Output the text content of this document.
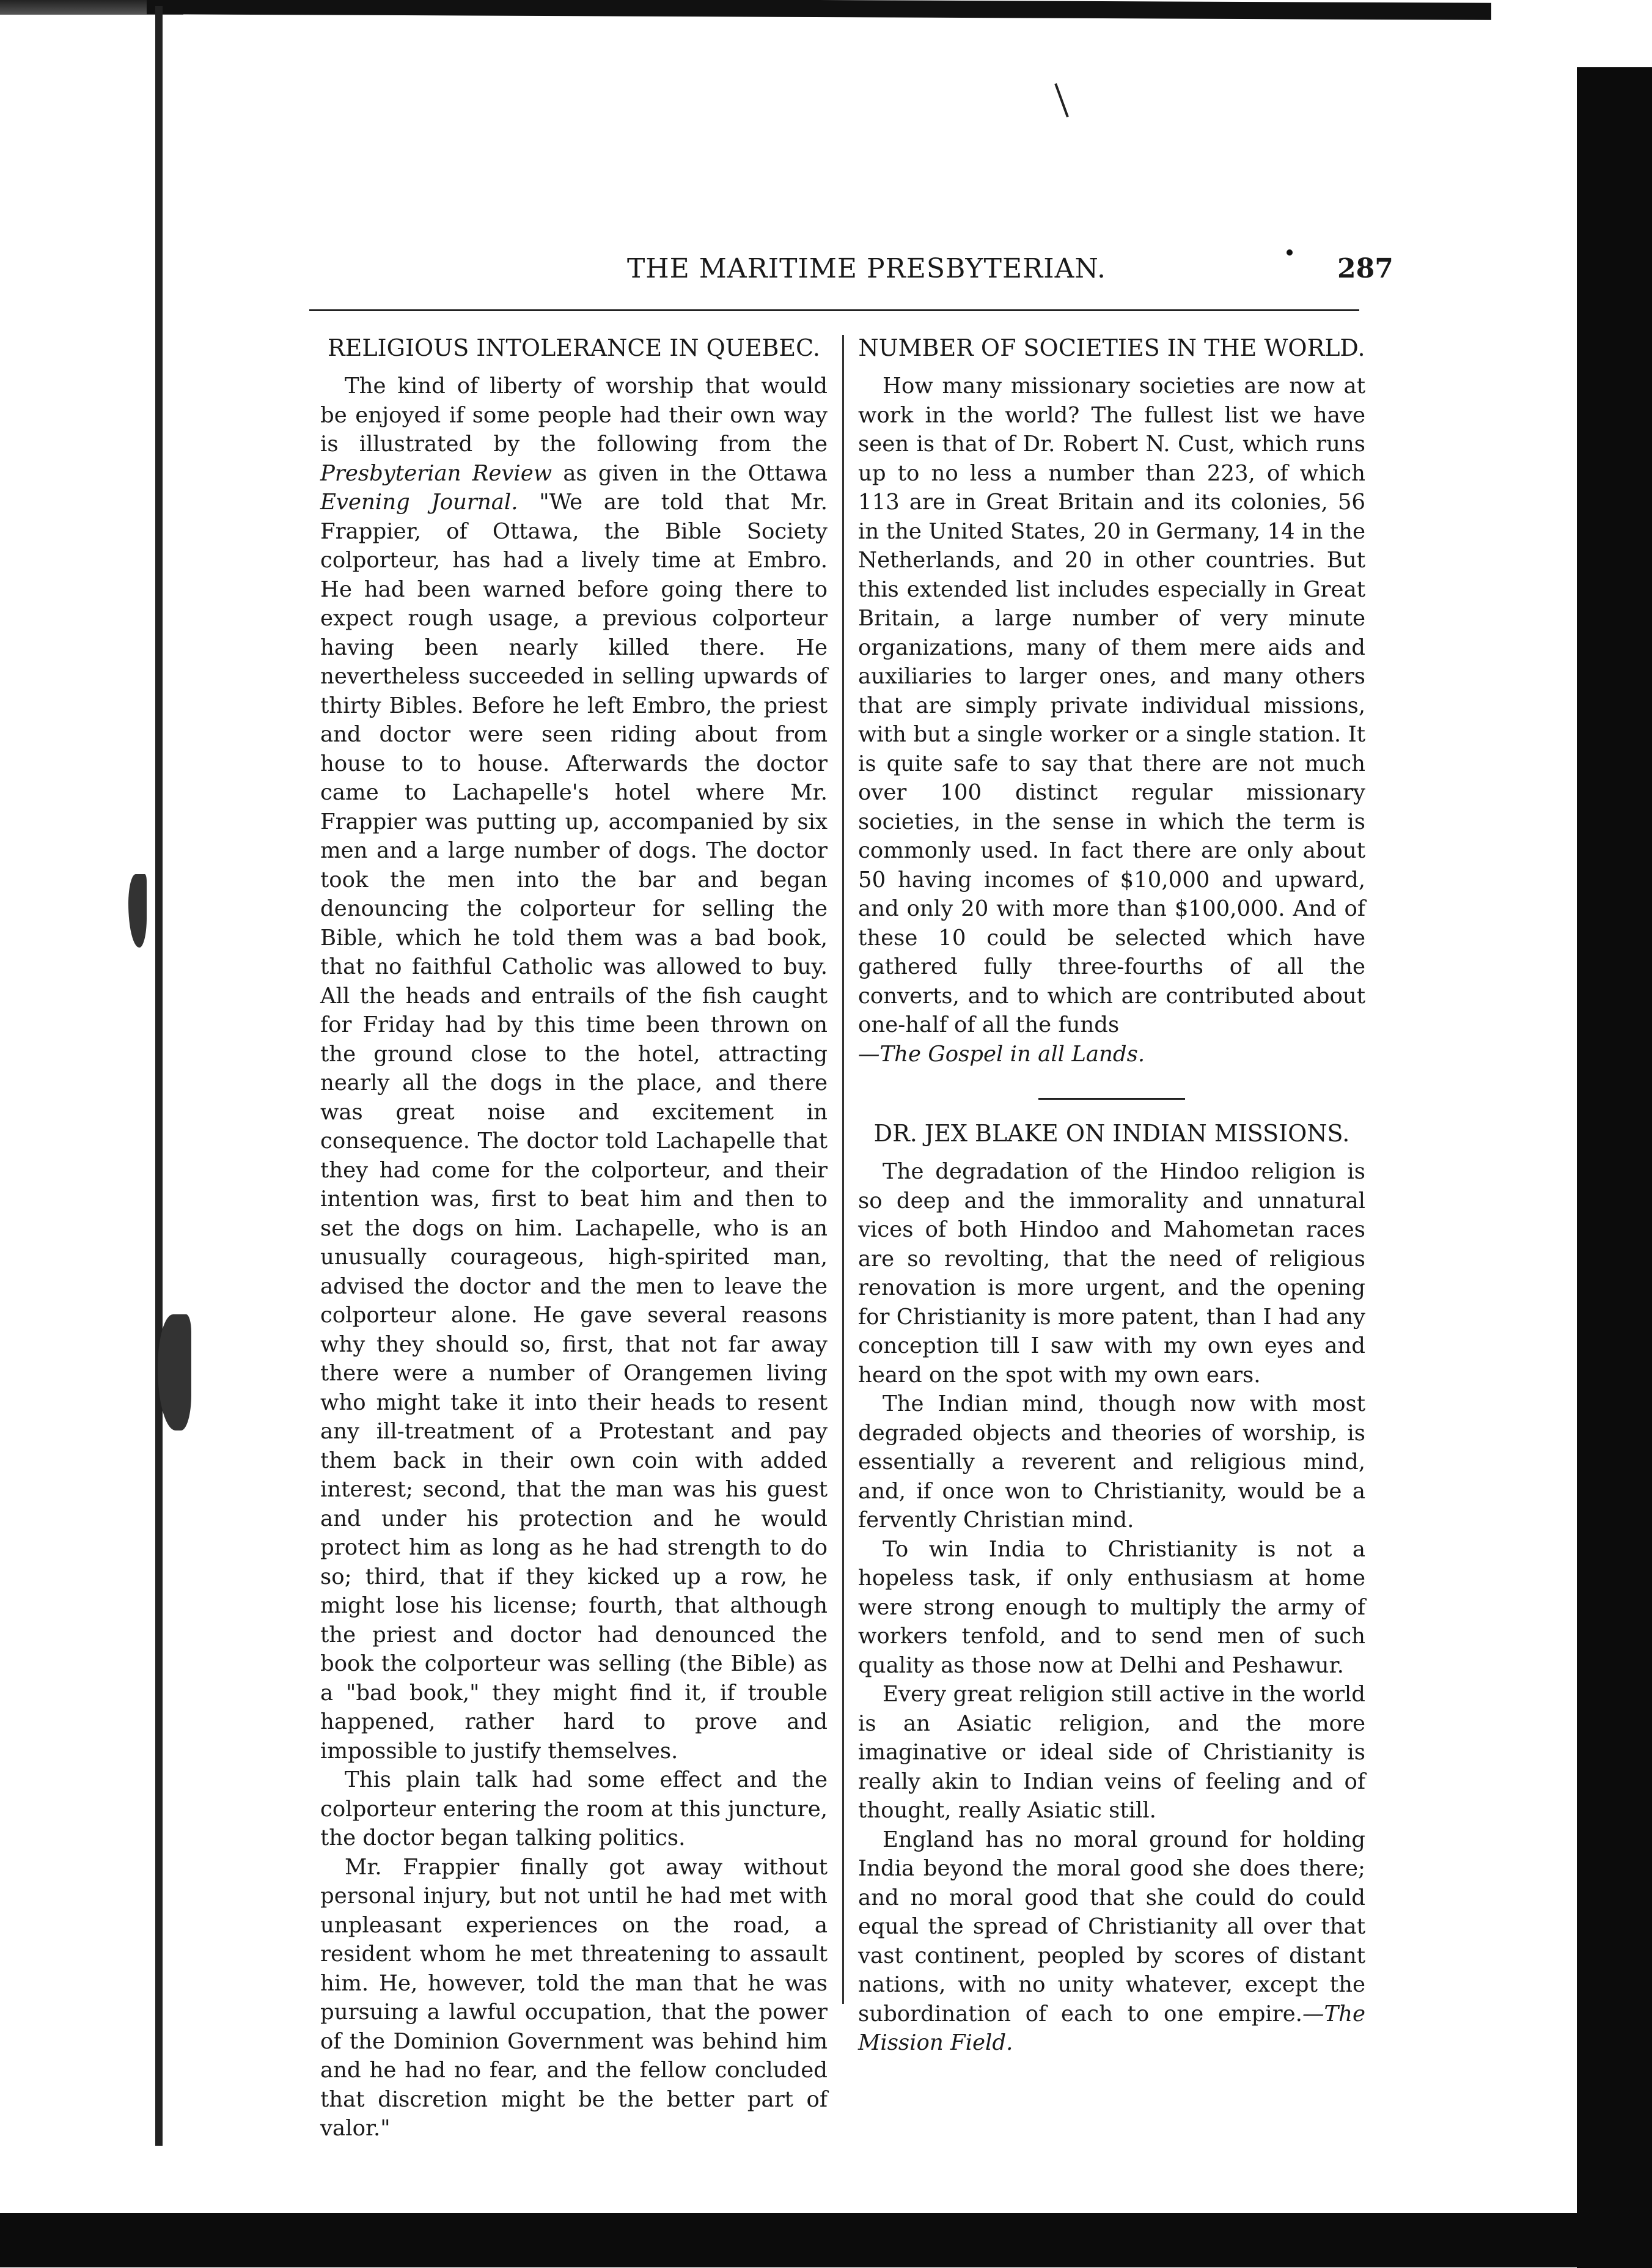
THE MARITIME PRESBYTERIAN.	287
RELIGIOUS INTOLERANCE IN QUEBEC.

The kind of liberty of worship that would be enjoyed if some people had their own way is illustrated by the following from the Presbyterian Review as given in the Ottawa Evening Journal. "We are told that Mr. Frappier, of Ottawa, the Bible Society colporteur, has had a lively time at Embro. He had been warned before going there to expect rough usage, a previous colporteur having been nearly killed there. He nevertheless succeeded in selling upwards of thirty Bibles. Before he left Embro, the priest and doctor were seen riding about from house to to house. Afterwards the doctor came to Lachapelle's hotel where Mr. Frappier was putting up, accompanied by six men and a large number of dogs. The doctor took the men into the bar and began denouncing the colporteur for selling the Bible, which he told them was a bad book, that no faithful Catholic was allowed to buy. All the heads and entrails of the fish caught for Friday had by this time been thrown on the ground close to the hotel, attracting nearly all the dogs in the place, and there was great noise and excitement in consequence. The doctor told Lachapelle that they had come for the colporteur, and their intention was, first to beat him and then to set the dogs on him. Lachapelle, who is an unusually courageous, high-spirited man, advised the doctor and the men to leave the colporteur alone. He gave several reasons why they should so, first, that not far away there were a number of Orangemen living who might take it into their heads to resent any ill-treatment of a Protestant and pay them back in their own coin with added interest; second, that the man was his guest and under his protection and he would protect him as long as he had strength to do so; third, that if they kicked up a row, he might lose his license; fourth, that although the priest and doctor had denounced the book the colporteur was selling (the Bible) as a "bad book," they might find it, if trouble happened, rather hard to prove and impossible to justify themselves.

This plain talk had some effect and the colporteur entering the room at this juncture, the doctor began talking politics.

Mr. Frappier finally got away without personal injury, but not until he had met with unpleasant experiences on the road, a resident whom he met threatening to assault him. He, however, told the man that he was pursuing a lawful occupation, that the power of the Dominion Government was behind him and he had no fear, and the fellow concluded that discretion might be the better part of valor."

NUMBER OF SOCIETIES IN THE WORLD.

How many missionary societies are now at work in the world? The fullest list we have seen is that of Dr. Robert N. Cust, which runs up to no less a number than 223, of which 113 are in Great Britain and its colonies, 56 in the United States, 20 in Germany, 14 in the Netherlands, and 20 in other countries. But this extended list includes especially in Great Britain, a large number of very minute organizations, many of them mere aids and auxiliaries to larger ones, and many others that are simply private individual missions, with but a single worker or a single station. It is quite safe to say that there are not much over 100 distinct regular missionary societies, in the sense in which the term is commonly used. In fact there are only about 50 having incomes of $10,000 and upward, and only 20 with more than $100,000. And of these 10 could be selected which have gathered fully three-fourths of all the converts, and to which are contributed about one-half of all the funds

—The Gospel in all Lands.

DR. JEX BLAKE ON INDIAN MISSIONS.

The degradation of the Hindoo religion is so deep and the immorality and unnatural vices of both Hindoo and Mahometan races are so revolting, that the need of religious renovation is more urgent, and the opening for Christianity is more patent, than I had any conception till I saw with my own eyes and heard on the spot with my own ears.

The Indian mind, though now with most degraded objects and theories of worship, is essentially a reverent and religious mind, and, if once won to Christianity, would be a fervently Christian mind.

To win India to Christianity is not a hopeless task, if only enthusiasm at home were strong enough to multiply the army of workers tenfold, and to send men of such quality as those now at Delhi and Peshawur.

Every great religion still active in the world is an Asiatic religion, and the more imaginative or ideal side of Christianity is really akin to Indian veins of feeling and of thought, really Asiatic still.

England has no moral ground for holding India beyond the moral good she does there; and no moral good that she could do could equal the spread of Christianity all over that vast continent, peopled by scores of distant nations, with no unity whatever, except the subordination of each to one empire.—The Mission Field.
